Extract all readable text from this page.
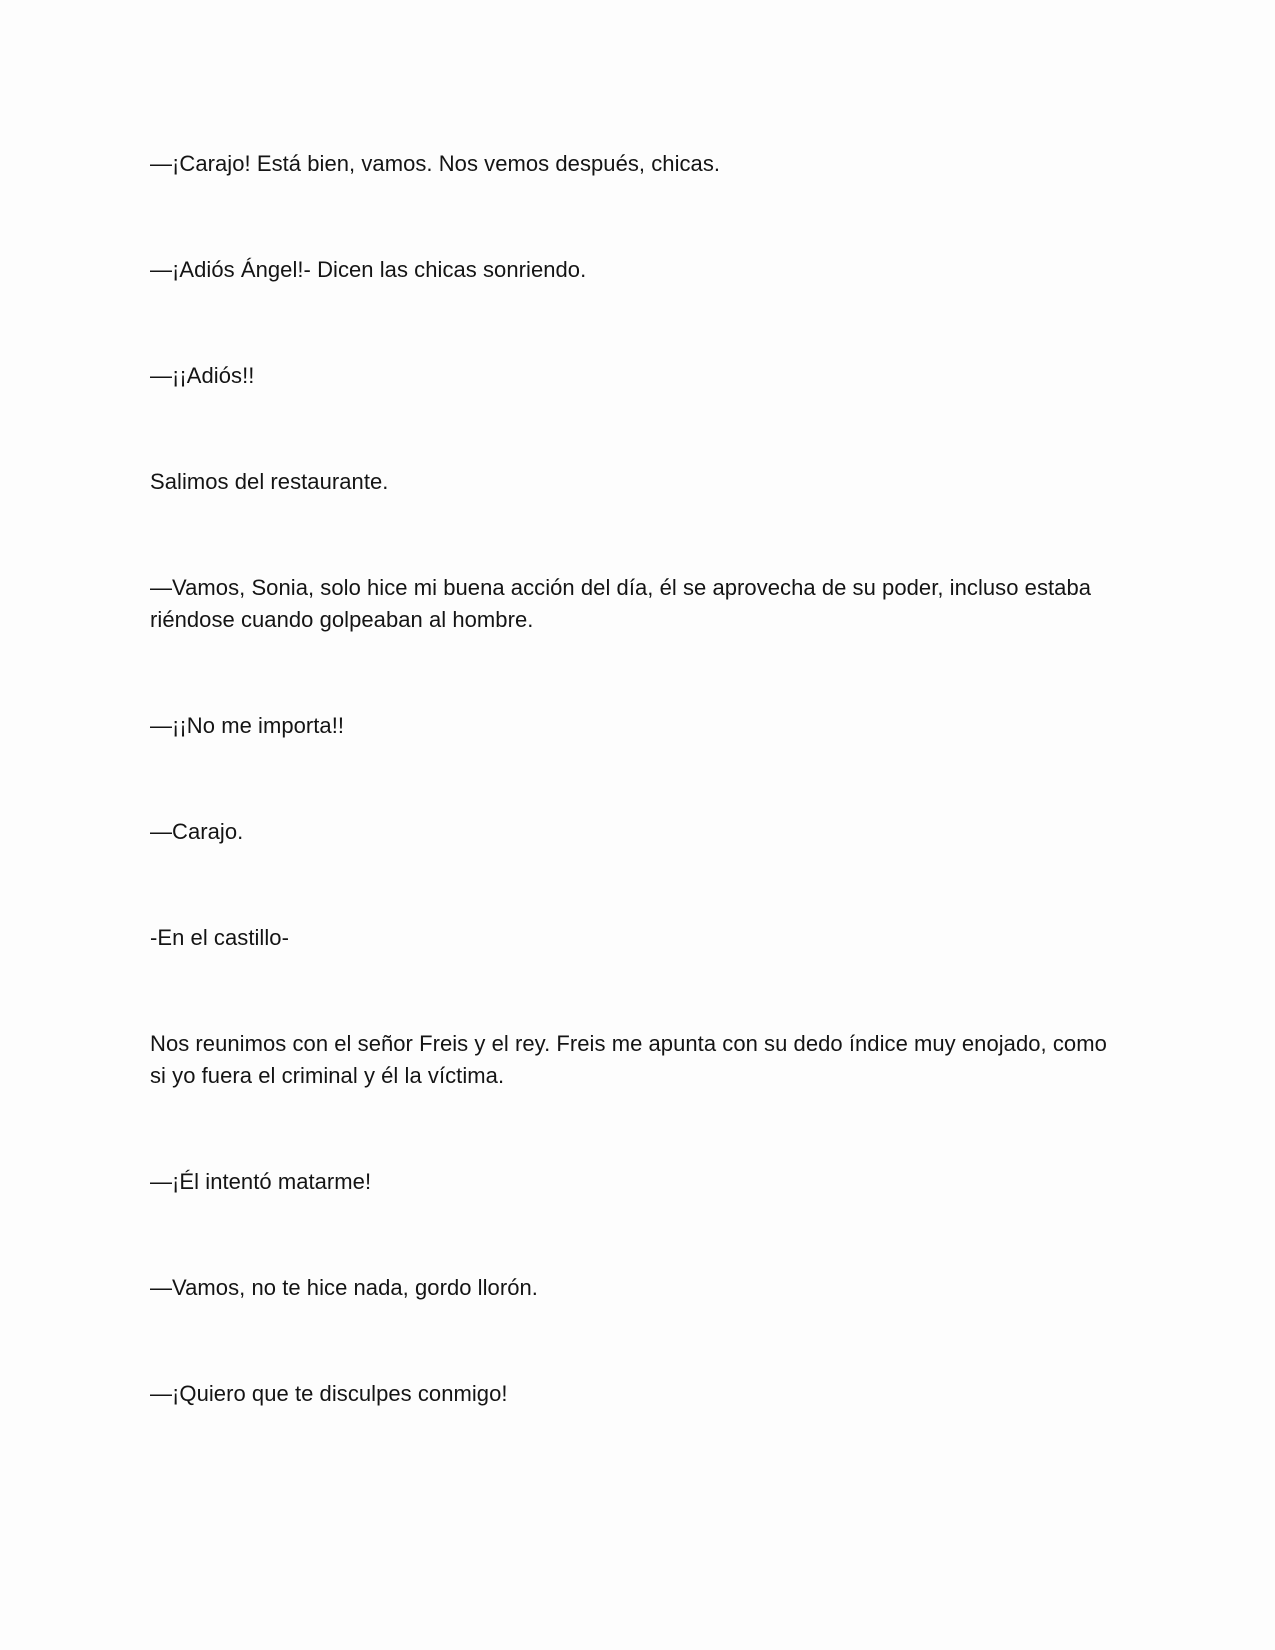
—¡Carajo! Está bien, vamos. Nos vemos después, chicas.

—¡Adiós Ángel!- Dicen las chicas sonriendo.

—¡¡Adiós!!

Salimos del restaurante.

—Vamos, Sonia, solo hice mi buena acción del día, él se aprovecha de su poder, incluso estaba riéndose cuando golpeaban al hombre.

—¡¡No me importa!!

—Carajo.

-En el castillo-

Nos reunimos con el señor Freis y el rey. Freis me apunta con su dedo índice muy enojado, como si yo fuera el criminal y él la víctima.

—¡Él intentó matarme!

—Vamos, no te hice nada, gordo llorón.

—¡Quiero que te disculpes conmigo!
